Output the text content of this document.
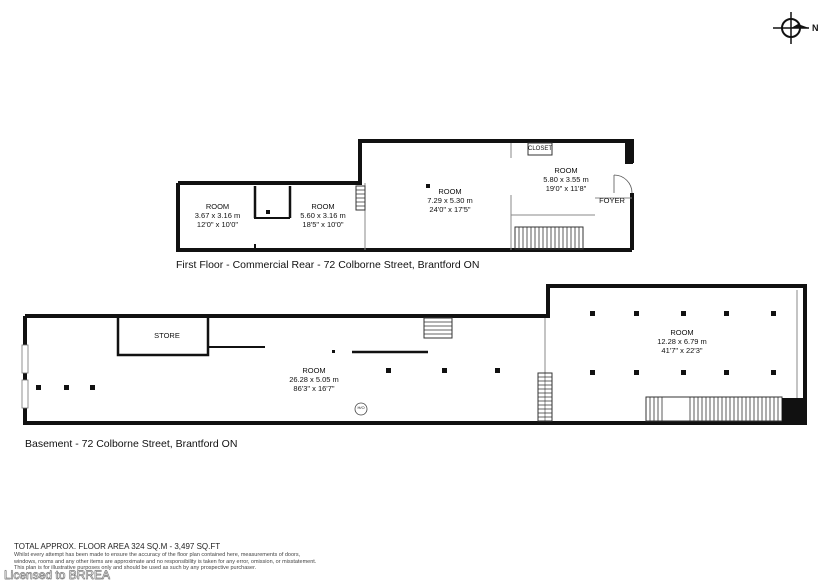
ROOM
3.67 x 3.16 m
12'0" x 10'0"
ROOM
5.60 x 3.16 m
18'5" x 10'0"
ROOM
7.29 x 5.30 m
24'0" x 17'5"
ROOM
5.80 x 3.55 m
19'0" x 11'8"
CLOSET
FOYER
First Floor - Commercial Rear - 72 Colborne Street, Brantford ON
STORE
ROOM
26.28 x 5.05 m
86'3" x 16'7"
ROOM
12.28 x 6.79 m
41'7" x 22'3"
H/O
Basement - 72 Colborne Street, Brantford ON
N
TOTAL APPROX. FLOOR AREA 324 SQ.M - 3,497 SQ.FT
Whilst every attempt has been made to ensure the accuracy of the floor plan contained here, measurements of doors,
windows, rooms and any other items are approximate and no responsibility is taken for any error, omission, or misstatement.
This plan is for illustrative purposes only and should be used as such by any prospective purchaser.
Licensed to BRREA
